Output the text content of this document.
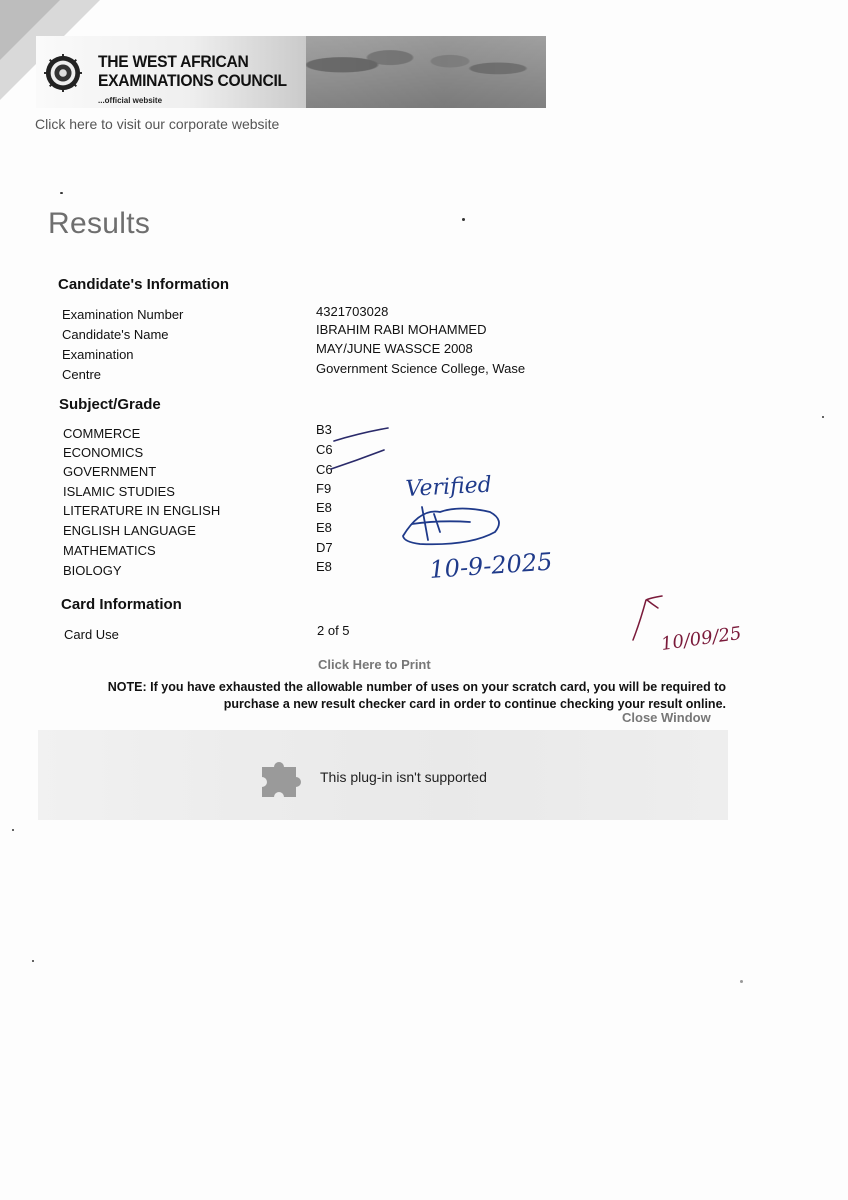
THE WEST AFRICAN EXAMINATIONS COUNCIL
...official website
Click here to visit our corporate website
Results
Candidate's Information
Examination Number	4321703028
Candidate's Name	IBRAHIM RABI MOHAMMED
Examination	MAY/JUNE WASSCE 2008
Centre	Government Science College, Wase
Subject/Grade
COMMERCE	B3
ECONOMICS	C6
GOVERNMENT	C6
ISLAMIC STUDIES	F9
LITERATURE IN ENGLISH	E8
ENGLISH LANGUAGE	E8
MATHEMATICS	D7
BIOLOGY	E8
Card Information
Card Use	2 of 5
Click Here to Print

NOTE: If you have exhausted the allowable number of uses on your scratch card, you will be required to purchase a new result checker card in order to continue checking your result online.

Close Window
This plug-in isn't supported
Verified
10-9-2025
10/09/25
